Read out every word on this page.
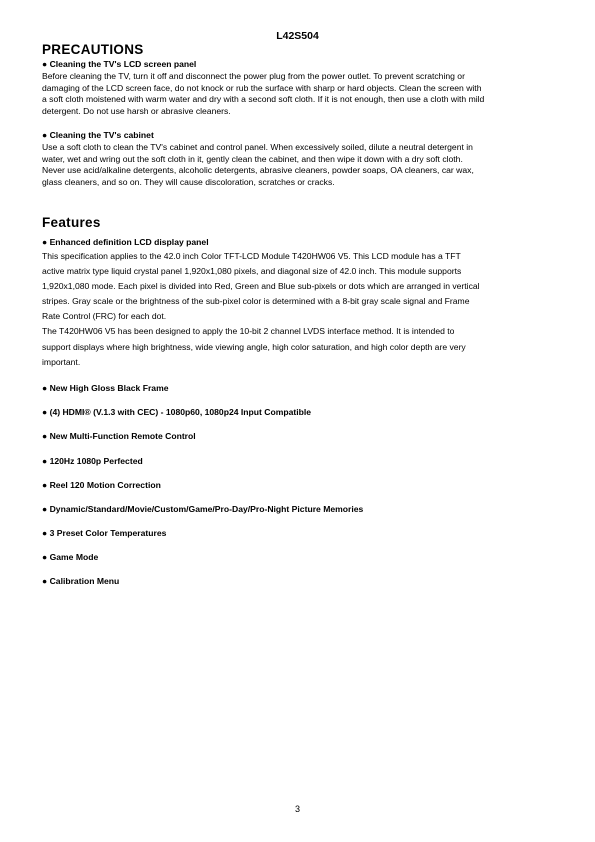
L42S504
PRECAUTIONS
● Cleaning the TV's LCD screen panel
Before cleaning the TV, turn it off and disconnect the power plug from the power outlet. To prevent scratching or
damaging of the LCD screen face, do not knock or rub the surface with sharp or hard objects. Clean the screen with
a soft cloth moistened with warm water and dry with a second soft cloth. If it is not enough, then use a cloth with mild
detergent. Do not use harsh or abrasive cleaners.
● Cleaning the TV's cabinet
Use a soft cloth to clean the TV's cabinet and control panel. When excessively soiled, dilute a neutral detergent in
water, wet and wring out the soft cloth in it, gently clean the cabinet, and then wipe it down with a dry soft cloth.
Never use acid/alkaline detergents, alcoholic detergents, abrasive cleaners, powder soaps, OA cleaners, car wax,
glass cleaners, and so on. They will cause discoloration, scratches or cracks.
Features
● Enhanced definition LCD display panel
This specification applies to the 42.0 inch Color TFT-LCD Module T420HW06 V5. This LCD module has a TFT
active matrix type liquid crystal panel 1,920x1,080 pixels, and diagonal size of 42.0 inch. This module supports
1,920x1,080 mode. Each pixel is divided into Red, Green and Blue sub-pixels or dots which are arranged in vertical
stripes. Gray scale or the brightness of the sub-pixel color is determined with a 8-bit gray scale signal and Frame
Rate Control (FRC) for each dot.
The T420HW06 V5 has been designed to apply the 10-bit 2 channel LVDS interface method. It is intended to
support displays where high brightness, wide viewing angle, high color saturation, and high color depth are very
important.
● New High Gloss Black Frame
● (4) HDMI® (V.1.3 with CEC) - 1080p60, 1080p24 Input Compatible
● New Multi-Function Remote Control
● 120Hz 1080p Perfected
● Reel 120 Motion Correction
● Dynamic/Standard/Movie/Custom/Game/Pro-Day/Pro-Night Picture Memories
● 3 Preset Color Temperatures
● Game Mode
● Calibration Menu
3
